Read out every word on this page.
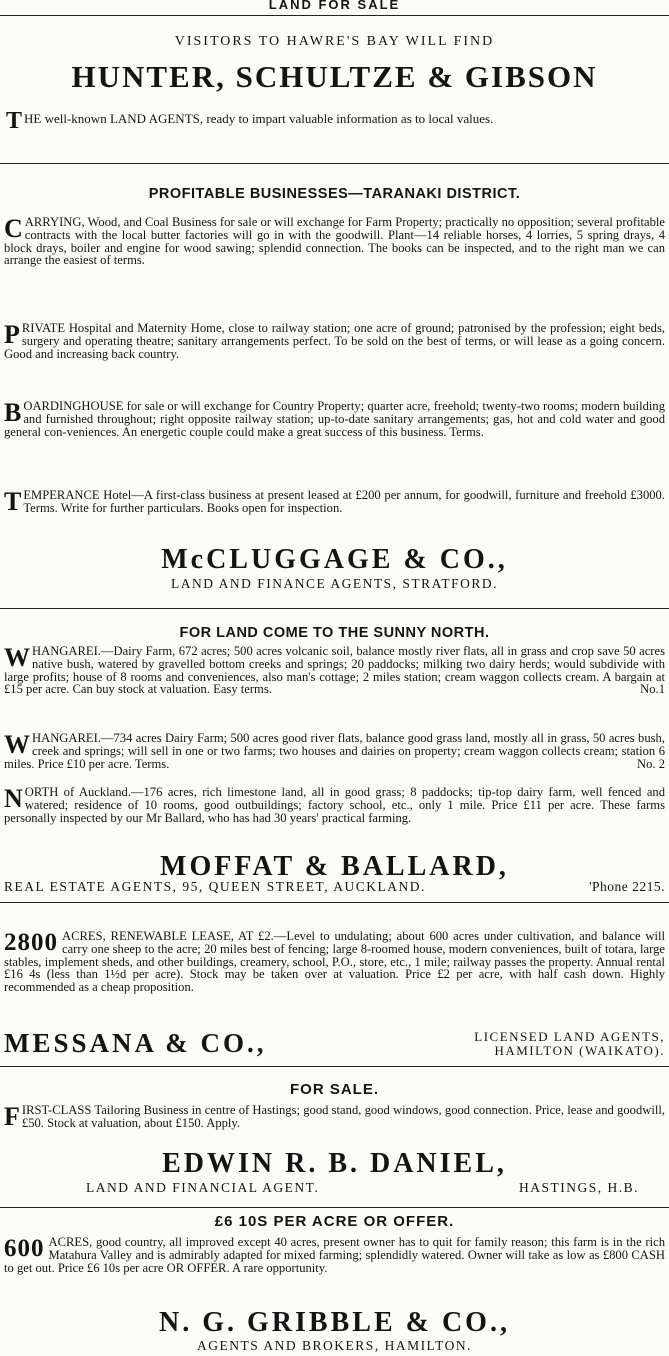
LAND FOR SALE
VISITORS TO HAWRE'S BAY WILL FIND
HUNTER, SCHULTZE & GIBSON
THE well-known LAND AGENTS, ready to impart valuable information as to local values.
PROFITABLE BUSINESSES—TARANAKI DISTRICT.
CARRYING, Wood, and Coal Business for sale or will exchange for Farm Property; practically no opposition; several profitable contracts with the local butter factories will go in with the goodwill. Plant—14 reliable horses, 4 lorries, 5 spring drays, 4 block drays, boiler and engine for wood sawing; splendid connection. The books can be inspected, and to the right man we can arrange the easiest of terms.
PRIVATE Hospital and Maternity Home, close to railway station; one acre of ground; patronised by the profession; eight beds, surgery and operating theatre; sanitary arrangements perfect. To be sold on the best of terms, or will lease as a going concern. Good and increasing back country.
BOARDINGHOUSE for sale or will exchange for Country Property; quarter acre, freehold; twenty-two rooms; modern building and furnished throughout; right opposite railway station; up-to-date sanitary arrangements; gas, hot and cold water and good general con-veniences. An energetic couple could make a great success of this business. Terms.
TEMPERANCE Hotel—A first-class business at present leased at £200 per annum, for goodwill, furniture and freehold £3000. Terms. Write for further particulars. Books open for inspection.
McCLUGGAGE & CO.,
LAND AND FINANCE AGENTS, STRATFORD.
FOR LAND COME TO THE SUNNY NORTH.
WHANGAREI.—Dairy Farm, 672 acres; 500 acres volcanic soil, balance mostly river flats, all in grass and crop save 50 acres native bush, watered by gravelled bottom creeks and springs; 20 paddocks; milking two dairy herds; would subdivide with large profits; house of 8 rooms and conveniences, also man's cottage; 2 miles station; cream waggon collects cream. A bargain at £15 per acre. Can buy stock at valuation. Easy terms.	No.1
WHANGAREI.—734 acres Dairy Farm; 500 acres good river flats, balance good grass land, mostly all in grass, 50 acres bush, creek and springs; will sell in one or two farms; two houses and dairies on property; cream waggon collects cream; station 6 miles. Price £10 per acre. Terms.	No. 2
NORTH of Auckland.—176 acres, rich limestone land, all in good grass; 8 paddocks; tip-top dairy farm, well fenced and watered; residence of 10 rooms, good outbuildings; factory school, etc., only 1 mile. Price £11 per acre. These farms personally inspected by our Mr Ballard, who has had 30 years' practical farming.
MOFFAT & BALLARD,
REAL ESTATE AGENTS, 95, QUEEN STREET, AUCKLAND.	'Phone 2215.
2800 ACRES, RENEWABLE LEASE, AT £2.—Level to undulating; about 600 acres under cultivation, and balance will carry one sheep to the acre; 20 miles best of fencing; large 8-roomed house, modern conveniences, built of totara, large stables, implement sheds, and other buildings, creamery, school, P.O., store, etc., 1 mile; railway passes the property. Annual rental £16 4s (less than 1½d per acre). Stock may be taken over at valuation. Price £2 per acre, with half cash down. Highly recommended as a cheap proposition.
MESSANA & CO.,	LICENSED LAND AGENTS,
HAMILTON (WAIKATO).
FOR SALE.
FIRST-CLASS Tailoring Business in centre of Hastings; good stand, good windows, good connection. Price, lease and goodwill, £50. Stock at valuation, about £150. Apply.
EDWIN R. B. DANIEL,
LAND AND FINANCIAL AGENT.	HASTINGS, H.B.
£6 10S PER ACRE OR OFFER.
600 ACRES, good country, all improved except 40 acres, present owner has to quit for family reason; this farm is in the rich Matahura Valley and is admirably adapted for mixed farming; splendidly watered. Owner will take as low as £800 CASH to get out. Price £6 10s per acre OR OFFER. A rare opportunity.
N. G. GRIBBLE & CO.,
AGENTS AND BROKERS, HAMILTON.
